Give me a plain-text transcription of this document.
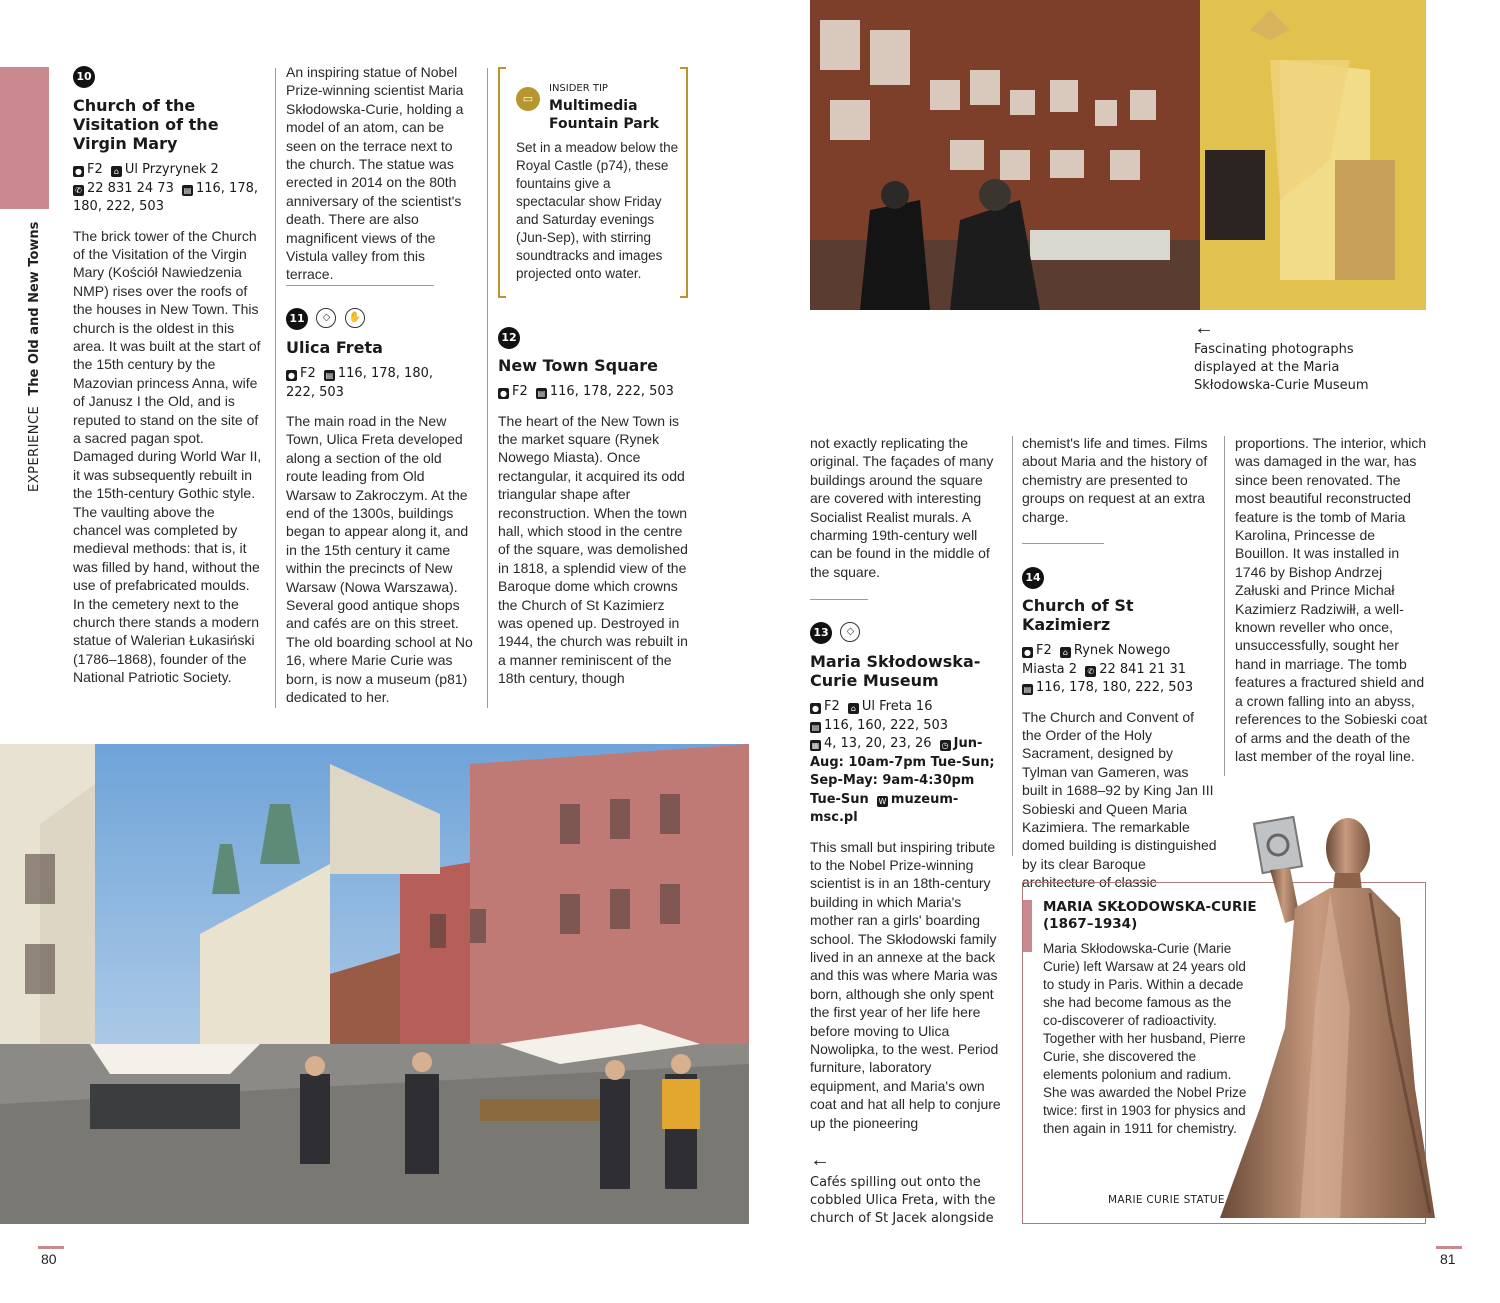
EXPERIENCE The Old and New Towns
10
Church of the
Visitation of the
Virgin Mary
● F2 ⌂ Ul Przyrynek 2
✆ 22 831 24 73 ▤ 116, 178,
180, 222, 503
The brick tower of the Church of the Visitation of the Virgin Mary (Kościół Nawiedzenia NMP) rises over the roofs of the houses in New Town. This church is the oldest in this area. It was built at the start of the 15th century by the Mazovian princess Anna, wife of Janusz I the Old, and is reputed to stand on the site of a sacred pagan spot.
Damaged during World War II, it was subsequently rebuilt in the 15th-century Gothic style. The vaulting above the chancel was completed by medieval methods: that is, it was filled by hand, without the use of prefabricated moulds.
In the cemetery next to the church there stands a modern statue of Walerian Łukasiński (1786–1868), founder of the National Patriotic Society.
An inspiring statue of Nobel Prize-winning scientist Maria Skłodowska-Curie, holding a model of an atom, can be seen on the terrace next to the church. The statue was erected in 2014 on the 80th anniversary of the scientist's death. There are also magnificent views of the Vistula valley from this terrace.
11 ◇ ✋
Ulica Freta
● F2 ▤ 116, 178, 180,
222, 503
The main road in the New Town, Ulica Freta developed along a section of the old route leading from Old Warsaw to Zakroczym. At the end of the 1300s, buildings began to appear along it, and in the 15th century it came within the precincts of New Warsaw (Nowa Warszawa).
Several good antique shops and cafés are on this street. The old boarding school at No 16, where Marie Curie was born, is now a museum (p81) dedicated to her.
▭
INSIDER TIP
Multimedia
Fountain Park
Set in a meadow below the Royal Castle (p74), these fountains give a spectacular show Friday and Saturday evenings (Jun-Sep), with stirring soundtracks and images projected onto water.
12
New Town Square
● F2 ▤ 116, 178, 222, 503
The heart of the New Town is the market square (Rynek Nowego Miasta). Once rectangular, it acquired its odd triangular shape after reconstruction. When the town hall, which stood in the centre of the square, was demolished in 1818, a splendid view of the Baroque dome which crowns the Church of St Kazimierz was opened up. Destroyed in 1944, the church was rebuilt in a manner reminiscent of the 18th century, though
←
Fascinating photographs
displayed at the Maria
Skłodowska-Curie Museum
not exactly replicating the original. The façades of many buildings around the square are covered with interesting Socialist Realist murals. A charming 19th-century well can be found in the middle of the square.
13 ◇
Maria Skłodowska-
Curie Museum
● F2 ⌂ Ul Freta 16
▤ 116, 160, 222, 503
▦ 4, 13, 20, 23, 26 ◷ Jun-Aug: 10am-7pm Tue-Sun; Sep-May: 9am-4:30pm Tue-Sun W muzeum-msc.pl
This small but inspiring tribute to the Nobel Prize-winning scientist is in an 18th-century building in which Maria's mother ran a girls' boarding school. The Skłodowski family lived in an annexe at the back and this was where Maria was born, although she only spent the first year of her life here before moving to Ulica Nowolipka, to the west. Period furniture, laboratory equipment, and Maria's own coat and hat all help to conjure up the pioneering
←
Cafés spilling out onto the
cobbled Ulica Freta, with the
church of St Jacek alongside
chemist's life and times. Films about Maria and the history of chemistry are presented to groups on request at an extra charge.
14
Church of St Kazimierz
● F2 ⌂ Rynek Nowego
Miasta 2 ✆ 22 841 21 31
▤ 116, 178, 180, 222, 503
The Church and Convent of the Order of the Holy Sacrament, designed by Tylman van Gameren, was built in 1688–92 by King Jan III Sobieski and Queen Maria Kazimiera. The remarkable domed building is distinguished by its clear Baroque architecture of classic
proportions. The interior, which was damaged in the war, has since been renovated. The most beautiful reconstructed feature is the tomb of Maria Karolina, Princesse de Bouillon. It was installed in 1746 by Bishop Andrzej Załuski and Prince Michał Kazimierz Radziwiłł, a well-known reveller who once, unsuccessfully, sought her hand in marriage. The tomb features a fractured shield and a crown falling into an abyss, references to the Sobieski coat of arms and the death of the last member of the royal line.
MARIA SKŁODOWSKA-CURIE
(1867–1934)
Maria Skłodowska-Curie (Marie Curie) left Warsaw at 24 years old to study in Paris. Within a decade she had become famous as the co-discoverer of radioactivity. Together with her husband, Pierre Curie, she discovered the elements polonium and radium. She was awarded the Nobel Prize twice: first in 1903 for physics and then again in 1911 for chemistry.
MARIE CURIE STATUE
80	81
